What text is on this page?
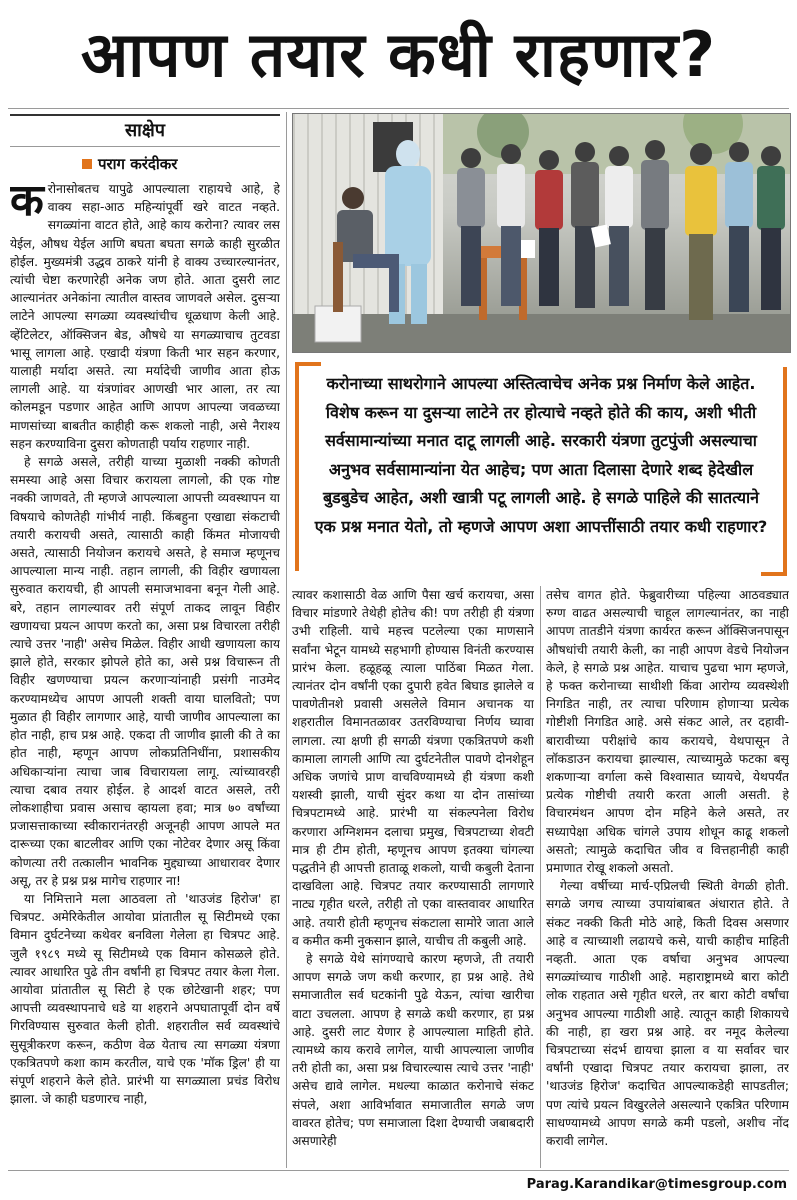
आपण तयार कधी राहणार?
साक्षेप
पराग करंदीकर

करोनासोबतच यापुढे आपल्याला राहायचे आहे, हे वाक्य सहा-आठ महिन्यांपूर्वी खरे वाटत नव्हते. सगळ्यांना वाटत होते, आहे काय करोना? त्यावर लस येईल, औषध येईल आणि बघता बघता सगळे काही सुरळीत होईल. मुख्यमंत्री उद्धव ठाकरे यांनी हे वाक्य उच्चारल्यानंतर, त्यांची चेष्टा करणारेही अनेक जण होते. आता दुसरी लाट आल्यानंतर अनेकांना त्यातील वास्तव जाणवले असेल. दुसऱ्या लाटेने आपल्या सगळ्या व्यवस्थांचीच धूळधाण केली आहे. व्हेंटिलेटर, ऑक्सिजन बेड, औषधे या सगळ्याचाच तुटवडा भासू लागला आहे. एखादी यंत्रणा किती भार सहन करणार, यालाही मर्यादा असते. त्या मर्यादेची जाणीव आता होऊ लागली आहे. या यंत्रणांवर आणखी भार आला, तर त्या कोलमडून पडणार आहेत आणि आपण आपल्या जवळच्या माणसांच्या बाबतीत काहीही करू शकलो नाही, असे नैराश्य सहन करण्याविना दुसरा कोणताही पर्याय राहणार नाही.

हे सगळे असले, तरीही याच्या मुळाशी नक्की कोणती समस्या आहे असा विचार करायला लागलो, की एक गोष्ट नक्की जाणवते, ती म्हणजे आपल्याला आपत्ती व्यवस्थापन या विषयाचे कोणतेही गांभीर्य नाही. किंबहुना एखाद्या संकटाची तयारी करायची असते, त्यासाठी काही किंमत मोजायची असते, त्यासाठी नियोजन करायचे असते, हे समाज म्हणूनच आपल्याला मान्य नाही. तहान लागली, की विहीर खणायला सुरुवात करायची, ही आपली समाजभावना बनून गेली आहे. बरे, तहान लागल्यावर तरी संपूर्ण ताकद लावून विहीर खणायचा प्रयत्न आपण करतो का, असा प्रश्न विचारला तरीही त्याचे उत्तर 'नाही' असेच मिळेल. विहीर आधी खणायला काय झाले होते, सरकार झोपले होते का, असे प्रश्न विचारून ती विहीर खणण्याचा प्रयत्न करणाऱ्यांनाही प्रसंगी नाउमेद करण्यामध्येच आपण आपली शक्ती वाया घालवितो; पण मुळात ही विहीर लागणार आहे, याची जाणीव आपल्याला का होत नाही, हाच प्रश्न आहे. एकदा ती जाणीव झाली की ते का होत नाही, म्हणून आपण लोकप्रतिनिधींना, प्रशासकीय अधिकाऱ्यांना त्याचा जाब विचारायला लागू. त्यांच्यावरही त्याचा दबाव तयार होईल. हे आदर्श वाटत असले, तरी लोकशाहीचा प्रवास असाच व्हायला हवा; मात्र ७० वर्षांच्या प्रजासत्ताकाच्या स्वीकारानंतरही अजूनही आपण आपले मत दारूच्या एका बाटलीवर आणि एका नोटेवर देणार असू किंवा कोणत्या तरी तत्कालीन भावनिक मुद्द्याच्या आधारावर देणार असू, तर हे प्रश्न प्रश्न मागेच राहणार ना!

या निमित्ताने मला आठवला तो 'थाउजंड हिरोज' हा चित्रपट. अमेरिकेतील आयोवा प्रांतातील सू सिटीमध्ये एका विमान दुर्घटनेच्या कथेवर बनविला गेलेला हा चित्रपट आहे. जुलै १९८९ मध्ये सू सिटीमध्ये एक विमान कोसळले होते. त्यावर आधारित पुढे तीन वर्षांनी हा चित्रपट तयार केला गेला. आयोवा प्रांतातील सू सिटी हे एक छोटेखानी शहर; पण आपत्ती व्यवस्थापनाचे धडे या शहराने अपघातापूर्वी दोन वर्षे गिरविण्यास सुरुवात केली होती. शहरातील सर्व व्यवस्थांचे सुसूत्रीकरण करून, कठीण वेळ येताच त्या सगळ्या यंत्रणा एकत्रितपणे कशा काम करतील, याचे एक 'मॉक ड्रिल' ही या संपूर्ण शहराने केले होते. प्रारंभी या सगळ्याला प्रचंड विरोध झाला. जे काही घडणारच नाही,

करोनाच्या साथरोगाने आपल्या अस्तित्वाचेच अनेक प्रश्न निर्माण केले आहेत. विशेष करून या दुसऱ्या लाटेने तर होत्याचे नव्हते होते की काय, अशी भीती सर्वसामान्यांच्या मनात दाटू लागली आहे. सरकारी यंत्रणा तुटपुंजी असल्याचा अनुभव सर्वसामान्यांना येत आहेच; पण आता दिलासा देणारे शब्द हेदेखील बुडबुडेच आहेत, अशी खात्री पटू लागली आहे. हे सगळे पाहिले की सातत्याने एक प्रश्न मनात येतो, तो म्हणजे आपण अशा आपत्तींसाठी तयार कधी राहणार?

त्यावर कशासाठी वेळ आणि पैसा खर्च करायचा, असा विचार मांडणारे तेथेही होतेच की! पण तरीही ही यंत्रणा उभी राहिली. याचे महत्त्व पटलेल्या एका माणसाने सर्वांना भेटून यामध्ये सहभागी होण्यास विनंती करण्यास प्रारंभ केला. हळूहळू त्याला पाठिंबा मिळत गेला. त्यानंतर दोन वर्षांनी एका दुपारी हवेत बिघाड झालेले व पावणेतीनशे प्रवासी असलेले विमान अचानक या शहरातील विमानतळावर उतरविण्याचा निर्णय घ्यावा लागला. त्या क्षणी ही सगळी यंत्रणा एकत्रितपणे कशी कामाला लागली आणि त्या दुर्घटनेतील पावणे दोनशेहून अधिक जणांचे प्राण वाचविण्यामध्ये ही यंत्रणा कशी यशस्वी झाली, याची सुंदर कथा या दोन तासांच्या चित्रपटामध्ये आहे. प्रारंभी या संकल्पनेला विरोध करणारा अग्निशमन दलाचा प्रमुख, चित्रपटाच्या शेवटी मात्र ही टीम होती, म्हणूनच आपण इतक्या चांगल्या पद्धतीने ही आपत्ती हाताळू शकलो, याची कबुली देताना दाखविला आहे. चित्रपट तयार करण्यासाठी लागणारे नाट्य गृहीत धरले, तरीही तो एका वास्तवावर आधारित आहे. तयारी होती म्हणूनच संकटाला सामोरे जाता आले व कमीत कमी नुकसान झाले, याचीच ती कबुली आहे.

हे सगळे येथे सांगण्याचे कारण म्हणजे, ती तयारी आपण सगळे जण कधी करणार, हा प्रश्न आहे. तेथे समाजातील सर्व घटकांनी पुढे येऊन, त्यांचा खारीचा वाटा उचलला. आपण हे सगळे कधी करणार, हा प्रश्न आहे. दुसरी लाट येणार हे आपल्याला माहिती होते. त्यामध्ये काय करावे लागेल, याची आपल्याला जाणीव तरी होती का, असा प्रश्न विचारल्यास त्याचे उत्तर 'नाही' असेच द्यावे लागेल. मधल्या काळात करोनाचे संकट संपले, अशा आविर्भावात समाजातील सगळे जण वावरत होतेच; पण समाजाला दिशा देण्याची जबाबदारी असणारेही

तसेच वागत होते. फेब्रुवारीच्या पहिल्या आठवड्यात रुग्ण वाढत असल्याची चाहूल लागल्यानंतर, का नाही आपण तातडीने यंत्रणा कार्यरत करून ऑक्सिजनपासून औषधांची तयारी केली, का नाही आपण वेडचे नियोजन केले, हे सगळे प्रश्न आहेत. याचाच पुढचा भाग म्हणजे, हे फक्त करोनाच्या साथीशी किंवा आरोग्य व्यवस्थेशी निगडित नाही, तर त्याचा परिणाम होणाऱ्या प्रत्येक गोष्टीशी निगडित आहे. असे संकट आले, तर दहावी-बारावीच्या परीक्षांचे काय करायचे, येथपासून ते लॉकडाउन करायचा झाल्यास, त्याच्यामुळे फटका बसू शकणाऱ्या वर्गाला कसे विश्वासात घ्यायचे, येथपर्यंत प्रत्येक गोष्टीची तयारी करता आली असती. हे विचारमंथन आपण दोन महिने केले असते, तर सध्यापेक्षा अधिक चांगले उपाय शोधून काढू शकलो असतो; त्यामुळे कदाचित जीव व वित्तहानीही काही प्रमाणात रोखू शकलो असतो.

गेल्या वर्षीच्या मार्च-एप्रिलची स्थिती वेगळी होती. सगळे जगच त्याच्या उपायांबाबत अंधारात होते. ते संकट नक्की किती मोठे आहे, किती दिवस असणार आहे व त्याच्याशी लढायचे कसे, याची काहीच माहिती नव्हती. आता एक वर्षाचा अनुभव आपल्या सगळ्यांच्याच गाठीशी आहे. महाराष्ट्रामध्ये बारा कोटी लोक राहतात असे गृहीत धरले, तर बारा कोटी वर्षांचा अनुभव आपल्या गाठीशी आहे. त्यातून काही शिकायचे की नाही, हा खरा प्रश्न आहे. वर नमूद केलेल्या चित्रपटाच्या संदर्भ द्यायचा झाला व या सर्वावर चार वर्षांनी एखादा चित्रपट तयार करायचा झाला, तर 'थाउजंड हिरोज' कदाचित आपल्याकडेही सापडतील; पण त्यांचे प्रयत्न विखुरलेले असल्याने एकत्रित परिणाम साधण्यामध्ये आपण सगळे कमी पडलो, अशीच नोंद करावी लागेल.

Parag.Karandikar@timesgroup.com
